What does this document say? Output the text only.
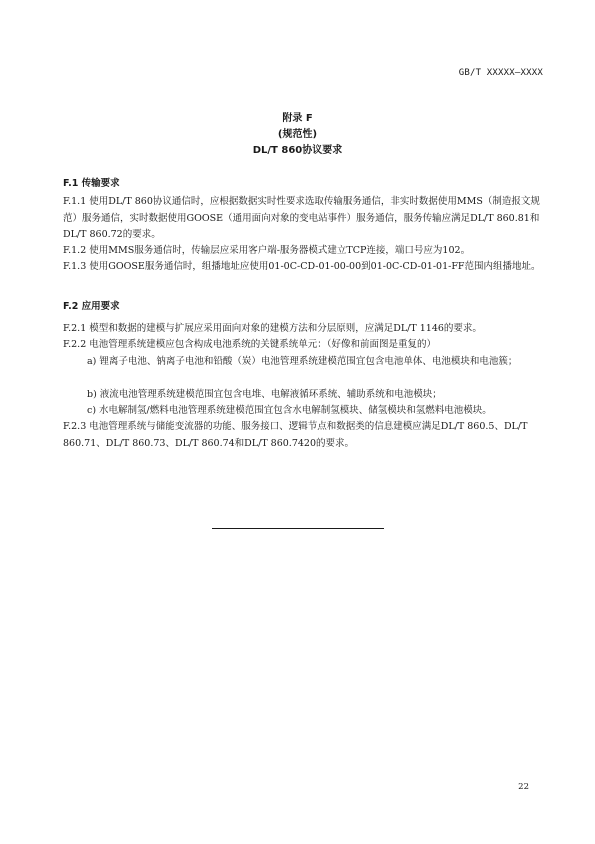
GB/T XXXXX—XXXX
附录 F
(规范性)
DL/T 860协议要求
F.1 传输要求
F.1.1 使用DL/T 860协议通信时，应根据数据实时性要求选取传输服务通信，非实时数据使用MMS（制造报文规范）服务通信，实时数据使用GOOSE（通用面向对象的变电站事件）服务通信，服务传输应满足DL/T 860.81和DL/T 860.72的要求。
F.1.2 使用MMS服务通信时，传输层应采用客户端-服务器模式建立TCP连接，端口号应为102。
F.1.3 使用GOOSE服务通信时，组播地址应使用01-0C-CD-01-00-00到01-0C-CD-01-01-FF范围内组播地址。
F.2 应用要求
F.2.1 模型和数据的建模与扩展应采用面向对象的建模方法和分层原则，应满足DL/T 1146的要求。
F.2.2 电池管理系统建模应包含构成电池系统的关键系统单元：（好像和前面图是重复的）
a) 锂离子电池、钠离子电池和铅酸（炭）电池管理系统建模范围宜包含电池单体、电池模块和电池簇；
b) 液流电池管理系统建模范围宜包含电堆、电解液循环系统、辅助系统和电池模块；
c) 水电解制氢/燃料电池管理系统建模范围宜包含水电解制氢模块、储氢模块和氢燃料电池模块。
F.2.3 电池管理系统与储能变流器的功能、服务接口、逻辑节点和数据类的信息建模应满足DL/T 860.5、DL/T 860.71、DL/T 860.73、DL/T 860.74和DL/T 860.7420的要求。
22
